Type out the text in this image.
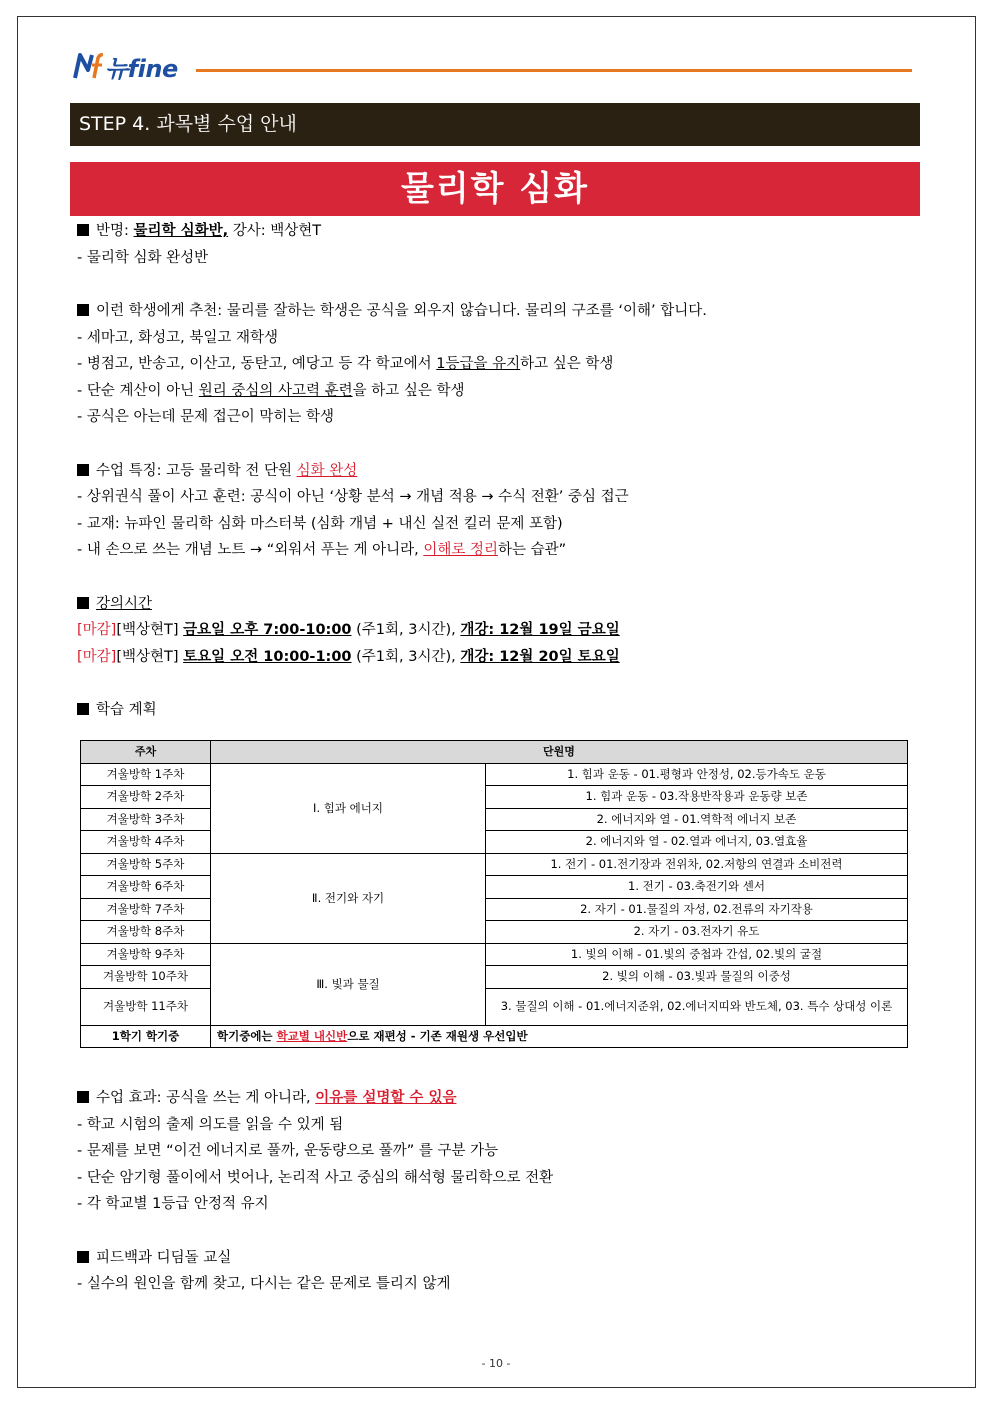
뉴fine
STEP 4. 과목별 수업 안내
물리학 심화
반명: 물리학 심화반, 강사: 백상현T
- 물리학 심화 완성반
이런 학생에게 추천: 물리를 잘하는 학생은 공식을 외우지 않습니다. 물리의 구조를 ‘이해’ 합니다.
- 세마고, 화성고, 북일고 재학생
- 병점고, 반송고, 이산고, 동탄고, 예당고 등 각 학교에서 1등급을 유지하고 싶은 학생
- 단순 계산이 아닌 원리 중심의 사고력 훈련을 하고 싶은 학생
- 공식은 아는데 문제 접근이 막히는 학생
수업 특징: 고등 물리학 전 단원 심화 완성
- 상위권식 풀이 사고 훈련: 공식이 아닌 ‘상황 분석 → 개념 적용 → 수식 전환’ 중심 접근
- 교재: 뉴파인 물리학 심화 마스터북 (심화 개념 + 내신 실전 킬러 문제 포함)
- 내 손으로 쓰는 개념 노트 → “외워서 푸는 게 아니라, 이해로 정리하는 습관”
강의시간
[마감][백상현T] 금요일 오후 7:00-10:00 (주1회, 3시간), 개강: 12월 19일 금요일
[마감][백상현T] 토요일 오전 10:00-1:00 (주1회, 3시간), 개강: 12월 20일 토요일
학습 계획
주차	단원명	
겨울방학 1주차	Ⅰ. 힘과 에너지	1. 힘과 운동 - 01.평형과 안정성, 02.등가속도 운동
겨울방학 2주차		1. 힘과 운동 - 03.작용반작용과 운동량 보존
겨울방학 3주차		2. 에너지와 열 - 01.역학적 에너지 보존
겨울방학 4주차		2. 에너지와 열 - 02.열과 에너지, 03.열효율
겨울방학 5주차	Ⅱ. 전기와 자기	1. 전기 - 01.전기장과 전위차, 02.저항의 연결과 소비전력
겨울방학 6주차		1. 전기 - 03.축전기와 센서
겨울방학 7주차		2. 자기 - 01.물질의 자성, 02.전류의 자기작용
겨울방학 8주차		2. 자기 - 03.전자기 유도
겨울방학 9주차	Ⅲ. 빛과 물질	1. 빛의 이해 - 01.빛의 중첩과 간섭, 02.빛의 굴절
겨울방학 10주차		2. 빛의 이해 - 03.빛과 물질의 이중성
겨울방학 11주차		3. 물질의 이해 - 01.에너지준위, 02.에너지띠와 반도체, 03. 특수 상대성 이론
1학기 학기중	학기중에는 학교별 내신반으로 재편성 - 기존 재원생 우선입반	
수업 효과: 공식을 쓰는 게 아니라, 이유를 설명할 수 있음
- 학교 시험의 출제 의도를 읽을 수 있게 됨
- 문제를 보면 “이건 에너지로 풀까, 운동량으로 풀까” 를 구분 가능
- 단순 암기형 풀이에서 벗어나, 논리적 사고 중심의 해석형 물리학으로 전환
- 각 학교별 1등급 안정적 유지
피드백과 디딤돌 교실
- 실수의 원인을 함께 찾고, 다시는 같은 문제로 틀리지 않게
- 10 -
